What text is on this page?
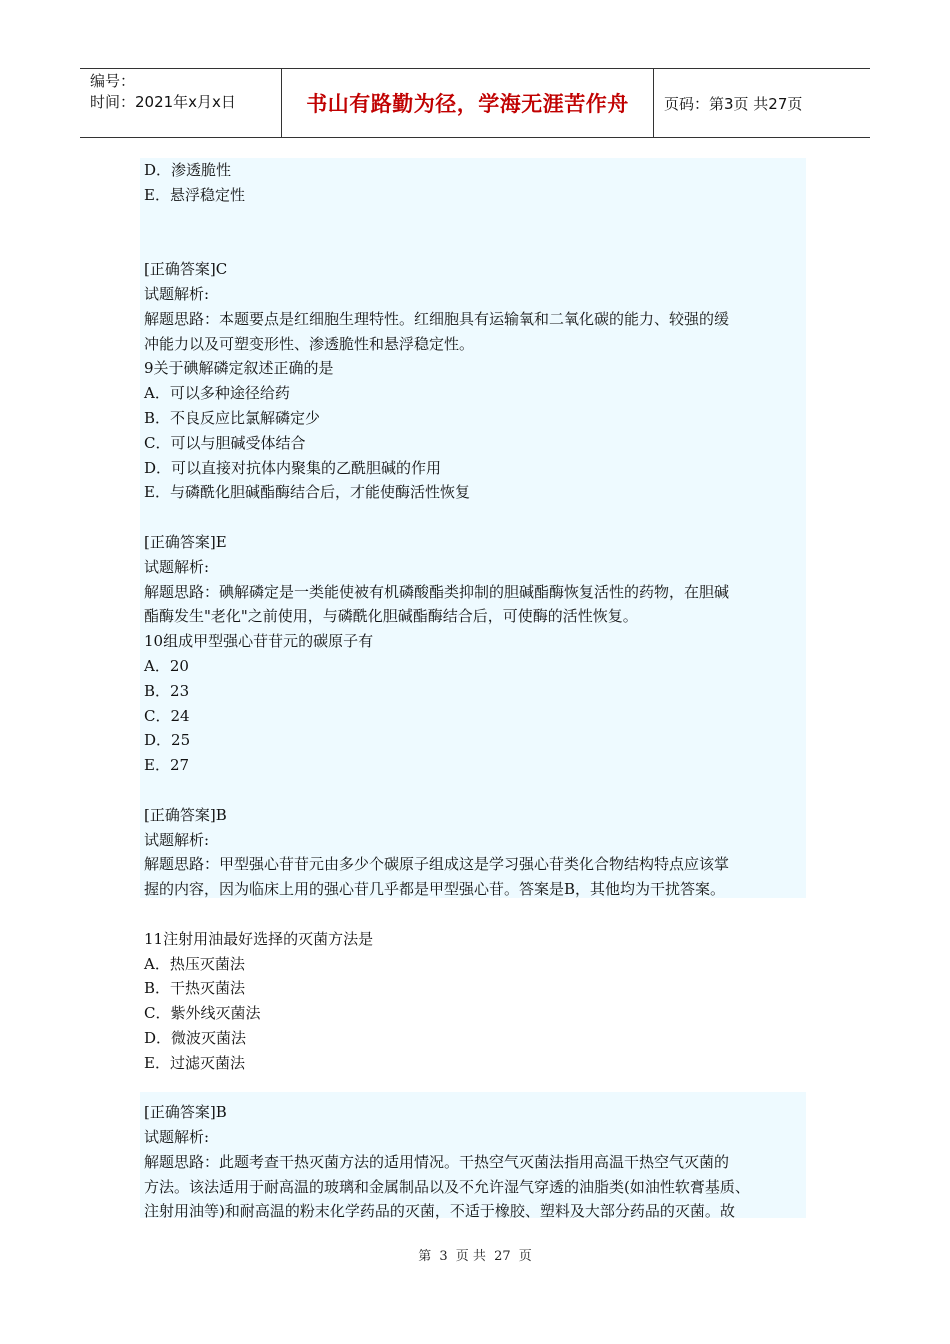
编号：
时间：2021年x月x日	书山有路勤为径，学海无涯苦作舟 页码：第3页 共27页
D．渗透脆性
E．悬浮稳定性
[正确答案]C
试题解析:
解题思路：本题要点是红细胞生理特性。红细胞具有运输氧和二氧化碳的能力、较强的缓
冲能力以及可塑变形性、渗透脆性和悬浮稳定性。
9关于碘解磷定叙述正确的是
A．可以多种途径给药
B．不良反应比氯解磷定少
C．可以与胆碱受体结合
D．可以直接对抗体内聚集的乙酰胆碱的作用
E．与磷酰化胆碱酯酶结合后，才能使酶活性恢复
[正确答案]E
试题解析:
解题思路：碘解磷定是一类能使被有机磷酸酯类抑制的胆碱酯酶恢复活性的药物，在胆碱
酯酶发生"老化"之前使用，与磷酰化胆碱酯酶结合后，可使酶的活性恢复。
10组成甲型强心苷苷元的碳原子有
A．20
B．23
C．24
D．25
E．27
[正确答案]B
试题解析:
解题思路：甲型强心苷苷元由多少个碳原子组成这是学习强心苷类化合物结构特点应该掌
握的内容，因为临床上用的强心苷几乎都是甲型强心苷。答案是B，其他均为干扰答案。
11注射用油最好选择的灭菌方法是
A．热压灭菌法
B．干热灭菌法
C．紫外线灭菌法
D．微波灭菌法
E．过滤灭菌法
[正确答案]B
试题解析:
解题思路：此题考查干热灭菌方法的适用情况。干热空气灭菌法指用高温干热空气灭菌的
方法。该法适用于耐高温的玻璃和金属制品以及不允许湿气穿透的油脂类(如油性软膏基质、
注射用油等)和耐高温的粉末化学药品的灭菌，不适于橡胶、塑料及大部分药品的灭菌。故
第 3 页 共 27 页
